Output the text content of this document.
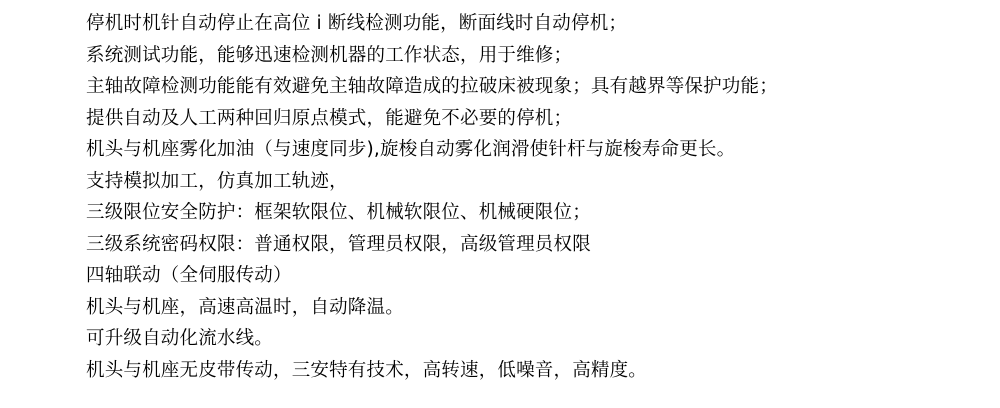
停机时机针自动停止在高位 i 断线检测功能，断面线时自动停机；
系统测试功能，能够迅速检测机器的工作状态，用于维修；
主轴故障检测功能能有效避免主轴故障造成的拉破床被现象；具有越界等保护功能；
提供自动及人工两种回归原点模式，能避免不必要的停机；
机头与机座雾化加油（与速度同步),旋梭自动雾化润滑使针杆与旋梭寿命更长。
支持模拟加工，仿真加工轨迹，
三级限位安全防护：框架软限位、机械软限位、机械硬限位；
三级系统密码权限：普通权限，管理员权限，高级管理员权限
四轴联动（全伺服传动）
机头与机座，高速高温时，自动降温。
可升级自动化流水线。
机头与机座无皮带传动，三安特有技术，高转速，低噪音，高精度。
